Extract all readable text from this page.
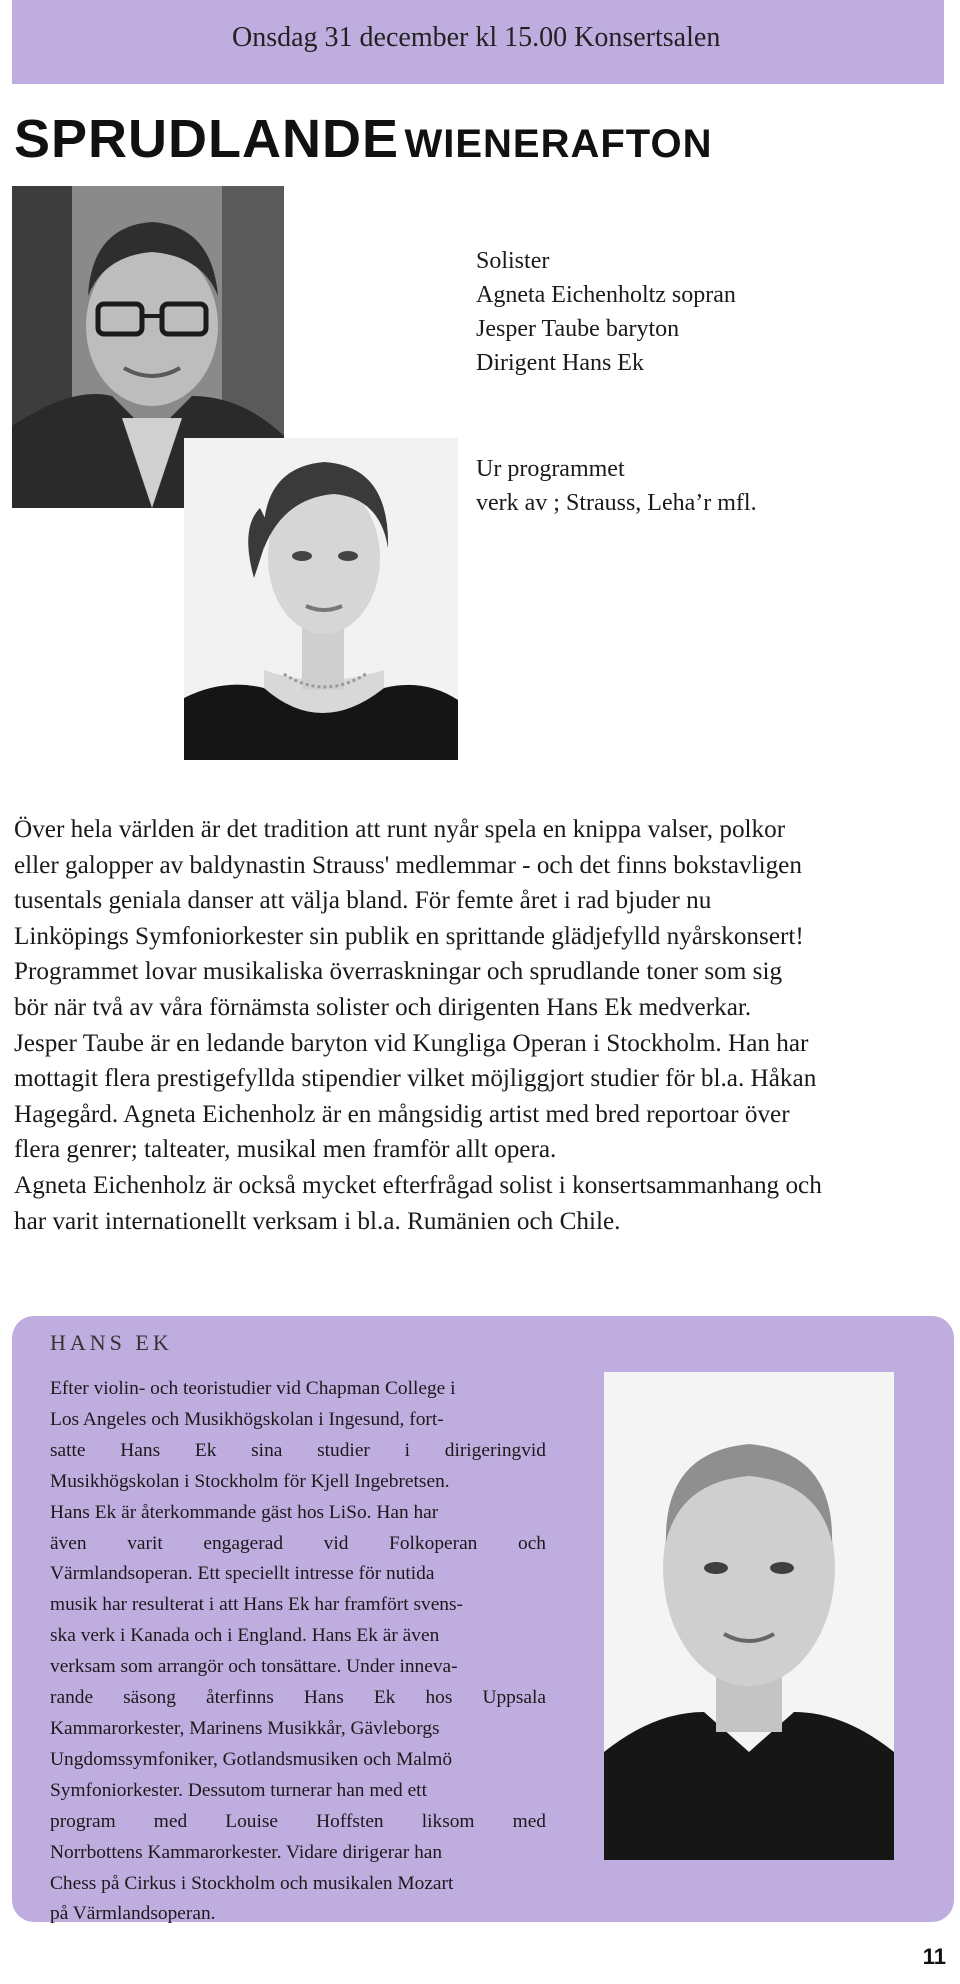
Onsdag 31 december kl 15.00 Konsertsalen
SPRUDLANDE WIENERAFTON
Solister
Agneta Eichenholtz sopran
Jesper Taube baryton
Dirigent Hans Ek
Ur programmet
verk av ; Strauss, Leha’r mfl.
Över hela världen är det tradition att runt nyår spela en knippa valser, polkor
eller galopper av baldynastin Strauss' medlemmar - och det finns bokstavligen
tusentals geniala danser att välja bland. För femte året i rad bjuder nu
Linköpings Symfoniorkester sin publik en sprittande glädjefylld nyårskonsert!
Programmet lovar musikaliska överraskningar och sprudlande toner som sig
bör när två av våra förnämsta solister och dirigenten Hans Ek medverkar.
Jesper Taube är en ledande baryton vid Kungliga Operan i Stockholm. Han har
mottagit flera prestigefyllda stipendier vilket möjliggjort studier för bl.a. Håkan
Hagegård. Agneta Eichenholz är en mångsidig artist med bred reportoar över
flera genrer; talteater, musikal men framför allt opera.
Agneta Eichenholz är också mycket efterfrågad solist i konsertsammanhang och
har varit internationellt verksam i bl.a. Rumänien och Chile.
HANS EK
Efter violin- och teoristudier vid Chapman College i
Los Angeles och Musikhögskolan i Ingesund, fort-
satte Hans Ek sina studier i dirigeringvid
Musikhögskolan i Stockholm för Kjell Ingebretsen.
Hans Ek är återkommande gäst hos LiSo. Han har
även varit engagerad vid Folkoperan och
Värmlandsoperan. Ett speciellt intresse för nutida
musik har resulterat i att Hans Ek har framfört svens-
ska verk i Kanada och i England. Hans Ek är även
verksam som arrangör och tonsättare. Under inneva-
rande säsong återfinns Hans Ek hos Uppsala
Kammarorkester, Marinens Musikkår, Gävleborgs
Ungdomssymfoniker, Gotlandsmusiken och Malmö
Symfoniorkester. Dessutom turnerar han med ett
program med Louise Hoffsten liksom med
Norrbottens Kammarorkester. Vidare dirigerar han
Chess på Cirkus i Stockholm och musikalen Mozart
på Värmlandsoperan.
11
